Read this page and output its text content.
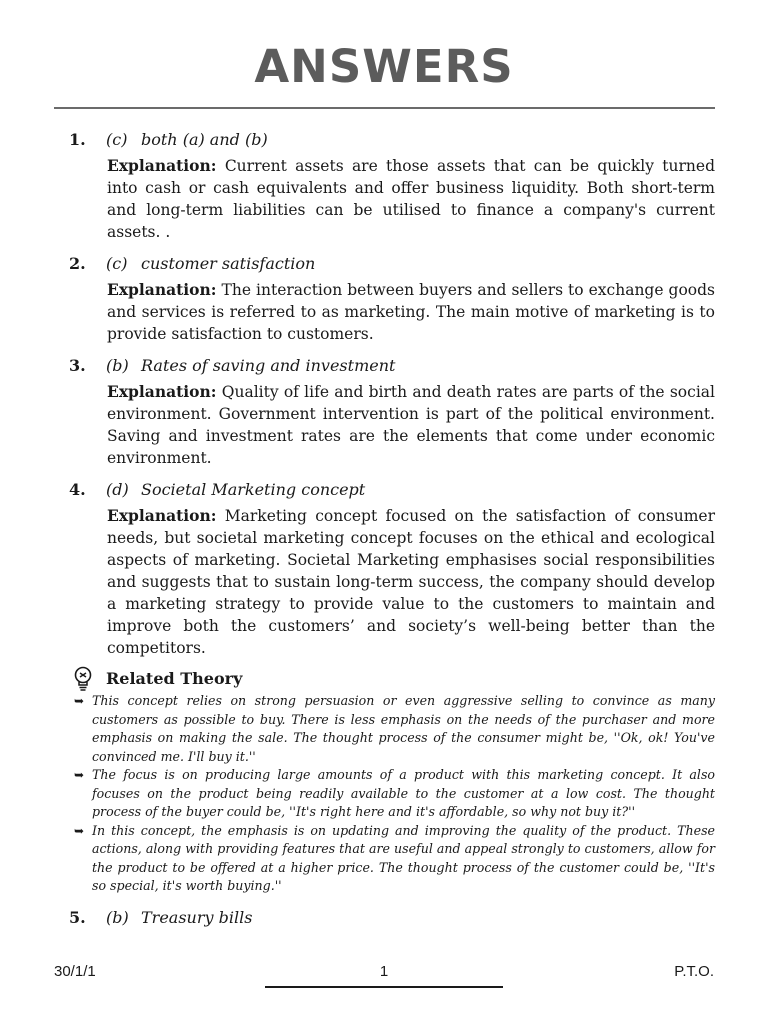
ANSWERS
1. (c) both (a) and (b)
Explanation: Current assets are those assets that can be quickly turned into cash or cash equivalents and offer business liquidity. Both short-term and long-term liabilities can be utilised to finance a company's current assets. .
2. (c) customer satisfaction
Explanation: The interaction between buyers and sellers to exchange goods and services is referred to as marketing. The main motive of marketing is to provide satisfaction to customers.
3. (b) Rates of saving and investment
Explanation: Quality of life and birth and death rates are parts of the social environment. Government intervention is part of the political environment. Saving and investment rates are the elements that come under economic environment.
4. (d) Societal Marketing concept
Explanation: Marketing concept focused on the satisfaction of consumer needs, but societal marketing concept focuses on the ethical and ecological aspects of marketing. Societal Marketing emphasises social responsibilities and suggests that to sustain long-term success, the company should develop a marketing strategy to provide value to the customers to maintain and improve both the customers’ and society’s well-being better than the competitors.
Related Theory
➥ This concept relies on strong persuasion or even aggressive selling to convince as many customers as possible to buy. There is less emphasis on the needs of the purchaser and more emphasis on making the sale. The thought process of the consumer might be, ''Ok, ok! You've convinced me. I'll buy it.''
➥ The focus is on producing large amounts of a product with this marketing concept. It also focuses on the product being readily available to the customer at a low cost. The thought process of the buyer could be, ''It's right here and it's affordable, so why not buy it?''
➥ In this concept, the emphasis is on updating and improving the quality of the product. These actions, along with providing features that are useful and appeal strongly to customers, allow for the product to be offered at a higher price. The thought process of the customer could be, ''It's so special, it's worth buying.''
5. (b) Treasury bills
30/1/1	1	P.T.O.
